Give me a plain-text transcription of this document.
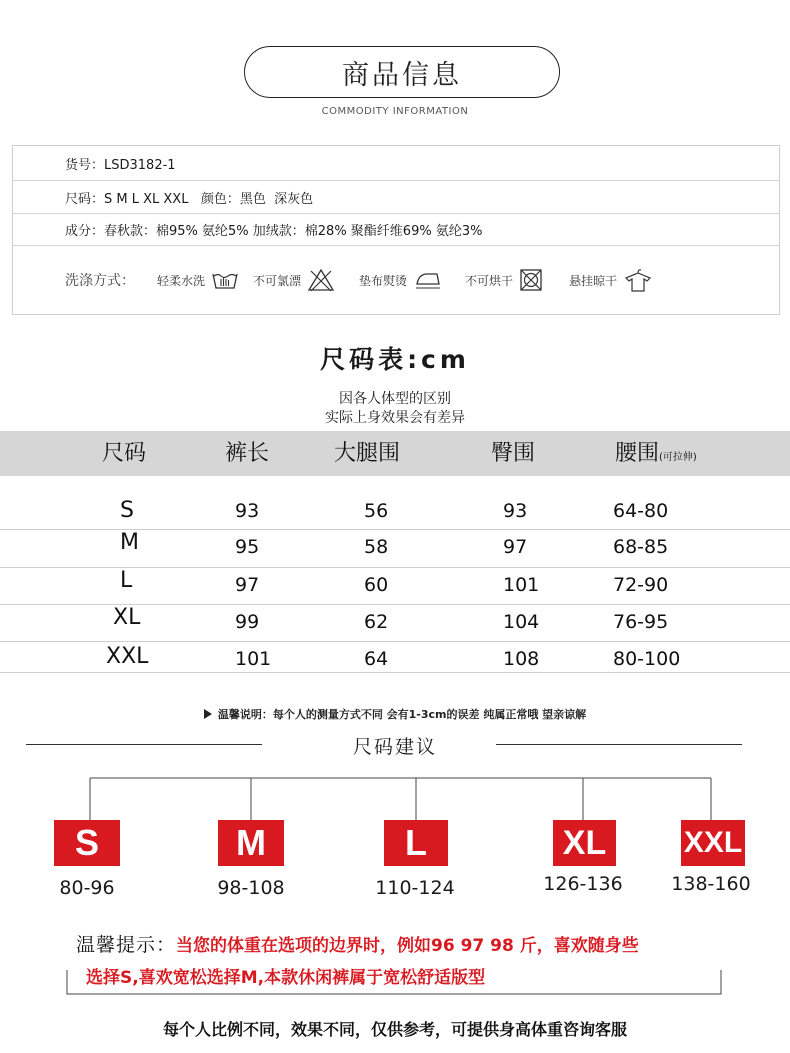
商品信息
COMMODITY INFORMATION
货号：LSD3182-1
尺码：S M L XL XXL   颜色：黑色  深灰色
成分：春秋款：棉95% 氨纶5% 加绒款：棉28% 聚酯纤维69% 氨纶3%
洗涤方式： 轻柔水洗	不可氯漂	垫布熨烫	不可烘干	悬挂晾干
尺码表:cm
因各人体型的区别
实际上身效果会有差异
尺码	裤长	大腿围	臀围	腰围(可拉伸)
S	93	56	93	64-80
M	95	58	97	68-85
L	97	60	101	72-90
XL	99	62	104	76-95
XXL	101	64	108	80-100
温馨说明：每个人的测量方式不同 会有1-3cm的误差 纯属正常哦 望亲谅解
尺码建议
S
80-96
M
98-108
L
110-124
XL
126-136
XXL
138-160
温馨提示：当您的体重在选项的边界时，例如96 97 98 斤，喜欢随身些
选择S,喜欢宽松选择M,本款休闲裤属于宽松舒适版型
每个人比例不同，效果不同，仅供参考，可提供身高体重咨询客服
